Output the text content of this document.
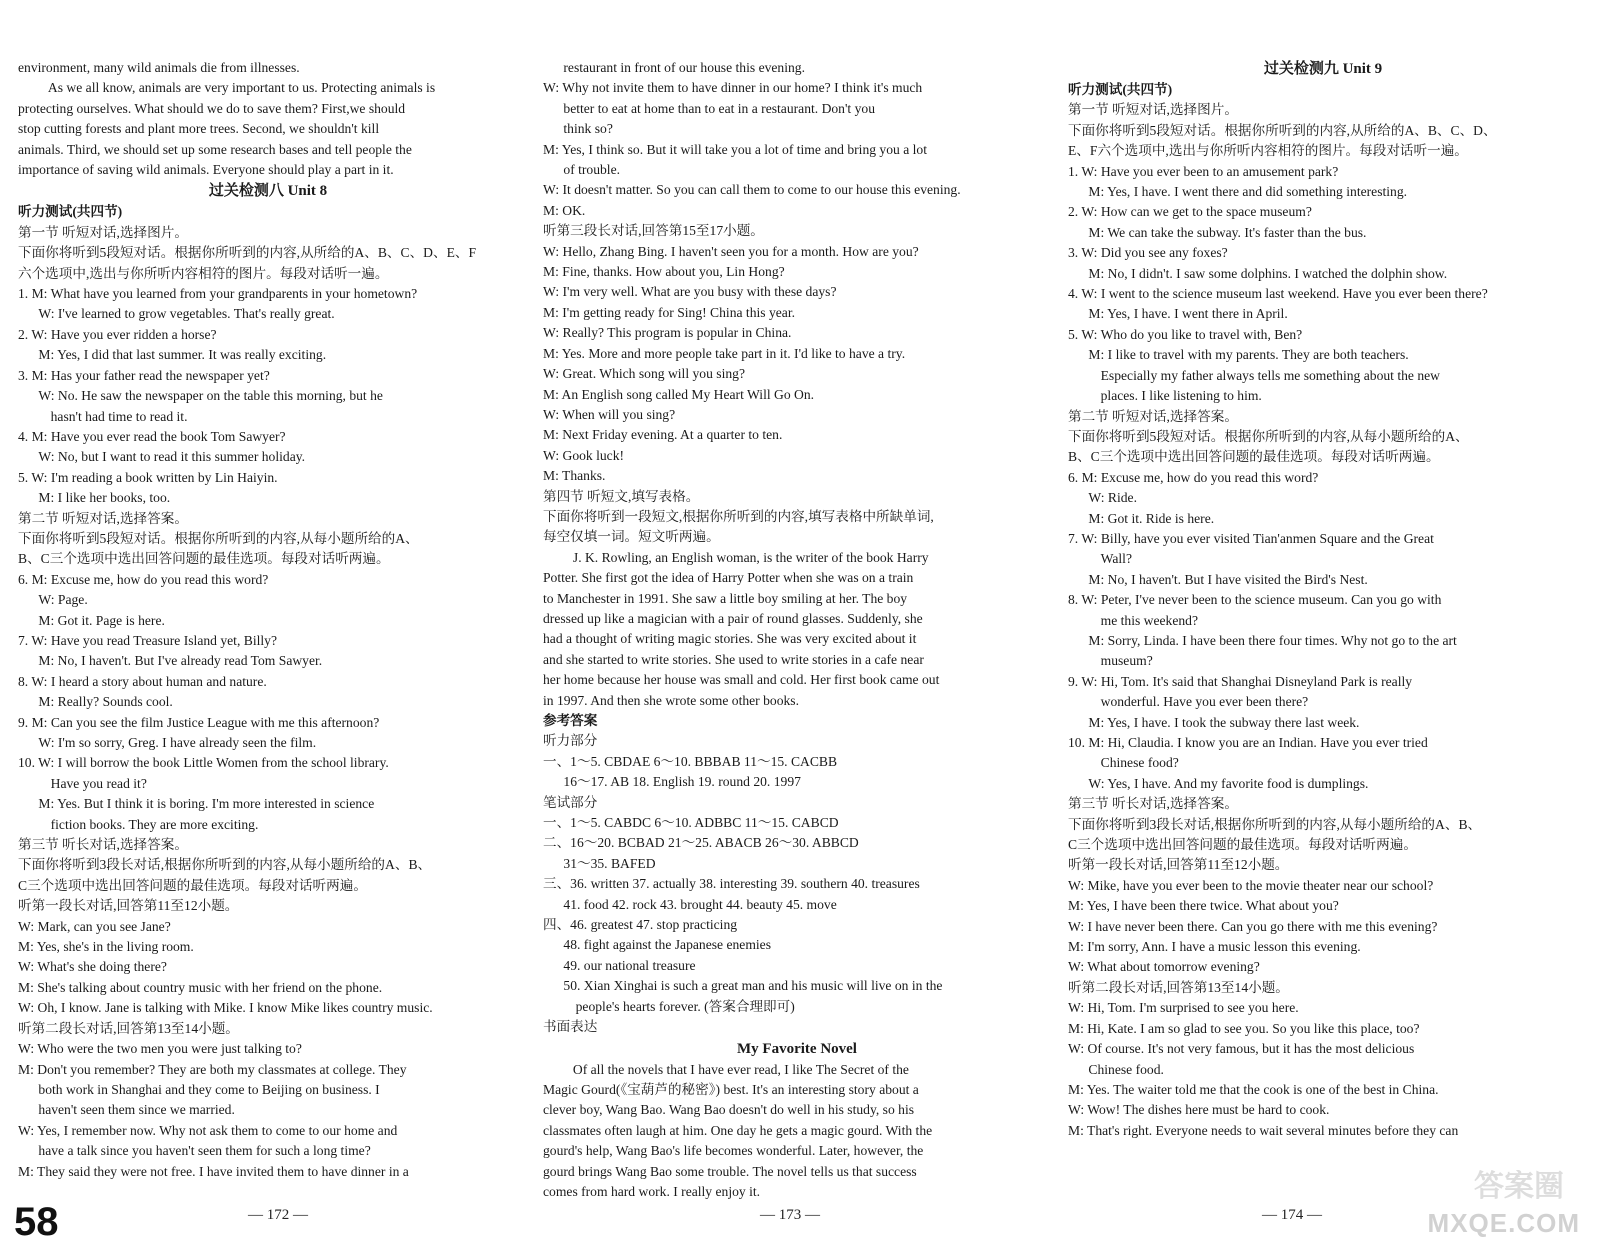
environment, many wild animals die from illnesses.
As we all know, animals are very important to us. Protecting animals is
protecting ourselves. What should we do to save them? First,we should
stop cutting forests and plant more trees. Second, we shouldn't kill
animals. Third, we should set up some research bases and tell people the
importance of saving wild animals. Everyone should play a part in it.
过关检测八 Unit 8
听力测试(共四节)
第一节 听短对话,选择图片。
下面你将听到5段短对话。根据你所听到的内容,从所给的A、B、C、D、E、F
六个选项中,选出与你所听内容相符的图片。每段对话听一遍。
1. M: What have you learned from your grandparents in your hometown?
W: I've learned to grow vegetables. That's really great.
2. W: Have you ever ridden a horse?
M: Yes, I did that last summer. It was really exciting.
3. M: Has your father read the newspaper yet?
W: No. He saw the newspaper on the table this morning, but he
hasn't had time to read it.
4. M: Have you ever read the book Tom Sawyer?
W: No, but I want to read it this summer holiday.
5. W: I'm reading a book written by Lin Haiyin.
M: I like her books, too.
第二节 听短对话,选择答案。
下面你将听到5段短对话。根据你所听到的内容,从每小题所给的A、
B、C三个选项中选出回答问题的最佳选项。每段对话听两遍。
6. M: Excuse me, how do you read this word?
W: Page.
M: Got it. Page is here.
7. W: Have you read Treasure Island yet, Billy?
M: No, I haven't. But I've already read Tom Sawyer.
8. W: I heard a story about human and nature.
M: Really? Sounds cool.
9. M: Can you see the film Justice League with me this afternoon?
W: I'm so sorry, Greg. I have already seen the film.
10. W: I will borrow the book Little Women from the school library.
Have you read it?
M: Yes. But I think it is boring. I'm more interested in science
fiction books. They are more exciting.
第三节 听长对话,选择答案。
下面你将听到3段长对话,根据你所听到的内容,从每小题所给的A、B、
C三个选项中选出回答问题的最佳选项。每段对话听两遍。
听第一段长对话,回答第11至12小题。
W: Mark, can you see Jane?
M: Yes, she's in the living room.
W: What's she doing there?
M: She's talking about country music with her friend on the phone.
W: Oh, I know. Jane is talking with Mike. I know Mike likes country music.
听第二段长对话,回答第13至14小题。
W: Who were the two men you were just talking to?
M: Don't you remember? They are both my classmates at college. They
both work in Shanghai and they come to Beijing on business. I
haven't seen them since we married.
W: Yes, I remember now. Why not ask them to come to our home and
have a talk since you haven't seen them for such a long time?
M: They said they were not free. I have invited them to have dinner in a
restaurant in front of our house this evening.
W: Why not invite them to have dinner in our home? I think it's much
better to eat at home than to eat in a restaurant. Don't you
think so?
M: Yes, I think so. But it will take you a lot of time and bring you a lot
of trouble.
W: It doesn't matter. So you can call them to come to our house this evening.
M: OK.
听第三段长对话,回答第15至17小题。
W: Hello, Zhang Bing. I haven't seen you for a month. How are you?
M: Fine, thanks. How about you, Lin Hong?
W: I'm very well. What are you busy with these days?
M: I'm getting ready for Sing! China this year.
W: Really? This program is popular in China.
M: Yes. More and more people take part in it. I'd like to have a try.
W: Great. Which song will you sing?
M: An English song called My Heart Will Go On.
W: When will you sing?
M: Next Friday evening. At a quarter to ten.
W: Gook luck!
M: Thanks.
第四节 听短文,填写表格。
下面你将听到一段短文,根据你所听到的内容,填写表格中所缺单词,
每空仅填一词。短文听两遍。
J. K. Rowling, an English woman, is the writer of the book Harry
Potter. She first got the idea of Harry Potter when she was on a train
to Manchester in 1991. She saw a little boy smiling at her. The boy
dressed up like a magician with a pair of round glasses. Suddenly, she
had a thought of writing magic stories. She was very excited about it
and she started to write stories. She used to write stories in a cafe near
her home because her house was small and cold. Her first book came out
in 1997. And then she wrote some other books.
参考答案
听力部分
一、1～5. CBDAE 6～10. BBBAB 11～15. CACBB
16～17. AB 18. English 19. round 20. 1997
笔试部分
一、1～5. CABDC 6～10. ADBBC 11～15. CABCD
二、16～20. BCBAD 21～25. ABACB 26～30. ABBCD
31～35. BAFED
三、36. written 37. actually 38. interesting 39. southern 40. treasures
41. food 42. rock 43. brought 44. beauty 45. move
四、46. greatest 47. stop practicing
48. fight against the Japanese enemies
49. our national treasure
50. Xian Xinghai is such a great man and his music will live on in the
people's hearts forever. (答案合理即可)
书面表达
My Favorite Novel
Of all the novels that I have ever read, I like The Secret of the
Magic Gourd(《宝葫芦的秘密》) best. It's an interesting story about a
clever boy, Wang Bao. Wang Bao doesn't do well in his study, so his
classmates often laugh at him. One day he gets a magic gourd. With the
gourd's help, Wang Bao's life becomes wonderful. Later, however, the
gourd brings Wang Bao some trouble. The novel tells us that success
comes from hard work. I really enjoy it.
过关检测九 Unit 9
听力测试(共四节)
第一节 听短对话,选择图片。
下面你将听到5段短对话。根据你所听到的内容,从所给的A、B、C、D、
E、F六个选项中,选出与你所听内容相符的图片。每段对话听一遍。
1. W: Have you ever been to an amusement park?
M: Yes, I have. I went there and did something interesting.
2. W: How can we get to the space museum?
M: We can take the subway. It's faster than the bus.
3. W: Did you see any foxes?
M: No, I didn't. I saw some dolphins. I watched the dolphin show.
4. W: I went to the science museum last weekend. Have you ever been there?
M: Yes, I have. I went there in April.
5. W: Who do you like to travel with, Ben?
M: I like to travel with my parents. They are both teachers.
Especially my father always tells me something about the new
places. I like listening to him.
第二节 听短对话,选择答案。
下面你将听到5段短对话。根据你所听到的内容,从每小题所给的A、
B、C三个选项中选出回答问题的最佳选项。每段对话听两遍。
6. M: Excuse me, how do you read this word?
W: Ride.
M: Got it. Ride is here.
7. W: Billy, have you ever visited Tian'anmen Square and the Great
Wall?
M: No, I haven't. But I have visited the Bird's Nest.
8. W: Peter, I've never been to the science museum. Can you go with
me this weekend?
M: Sorry, Linda. I have been there four times. Why not go to the art
museum?
9. W: Hi, Tom. It's said that Shanghai Disneyland Park is really
wonderful. Have you ever been there?
M: Yes, I have. I took the subway there last week.
10. M: Hi, Claudia. I know you are an Indian. Have you ever tried
Chinese food?
W: Yes, I have. And my favorite food is dumplings.
第三节 听长对话,选择答案。
下面你将听到3段长对话,根据你所听到的内容,从每小题所给的A、B、
C三个选项中选出回答问题的最佳选项。每段对话听两遍。
听第一段长对话,回答第11至12小题。
W: Mike, have you ever been to the movie theater near our school?
M: Yes, I have been there twice. What about you?
W: I have never been there. Can you go there with me this evening?
M: I'm sorry, Ann. I have a music lesson this evening.
W: What about tomorrow evening?
听第二段长对话,回答第13至14小题。
W: Hi, Tom. I'm surprised to see you here.
M: Hi, Kate. I am so glad to see you. So you like this place, too?
W: Of course. It's not very famous, but it has the most delicious
Chinese food.
M: Yes. The waiter told me that the cook is one of the best in China.
W: Wow! The dishes here must be hard to cook.
M: That's right. Everyone needs to wait several minutes before they can
58	— 172 —	— 173 —	— 174 —
答案圈
MXQE.COM
